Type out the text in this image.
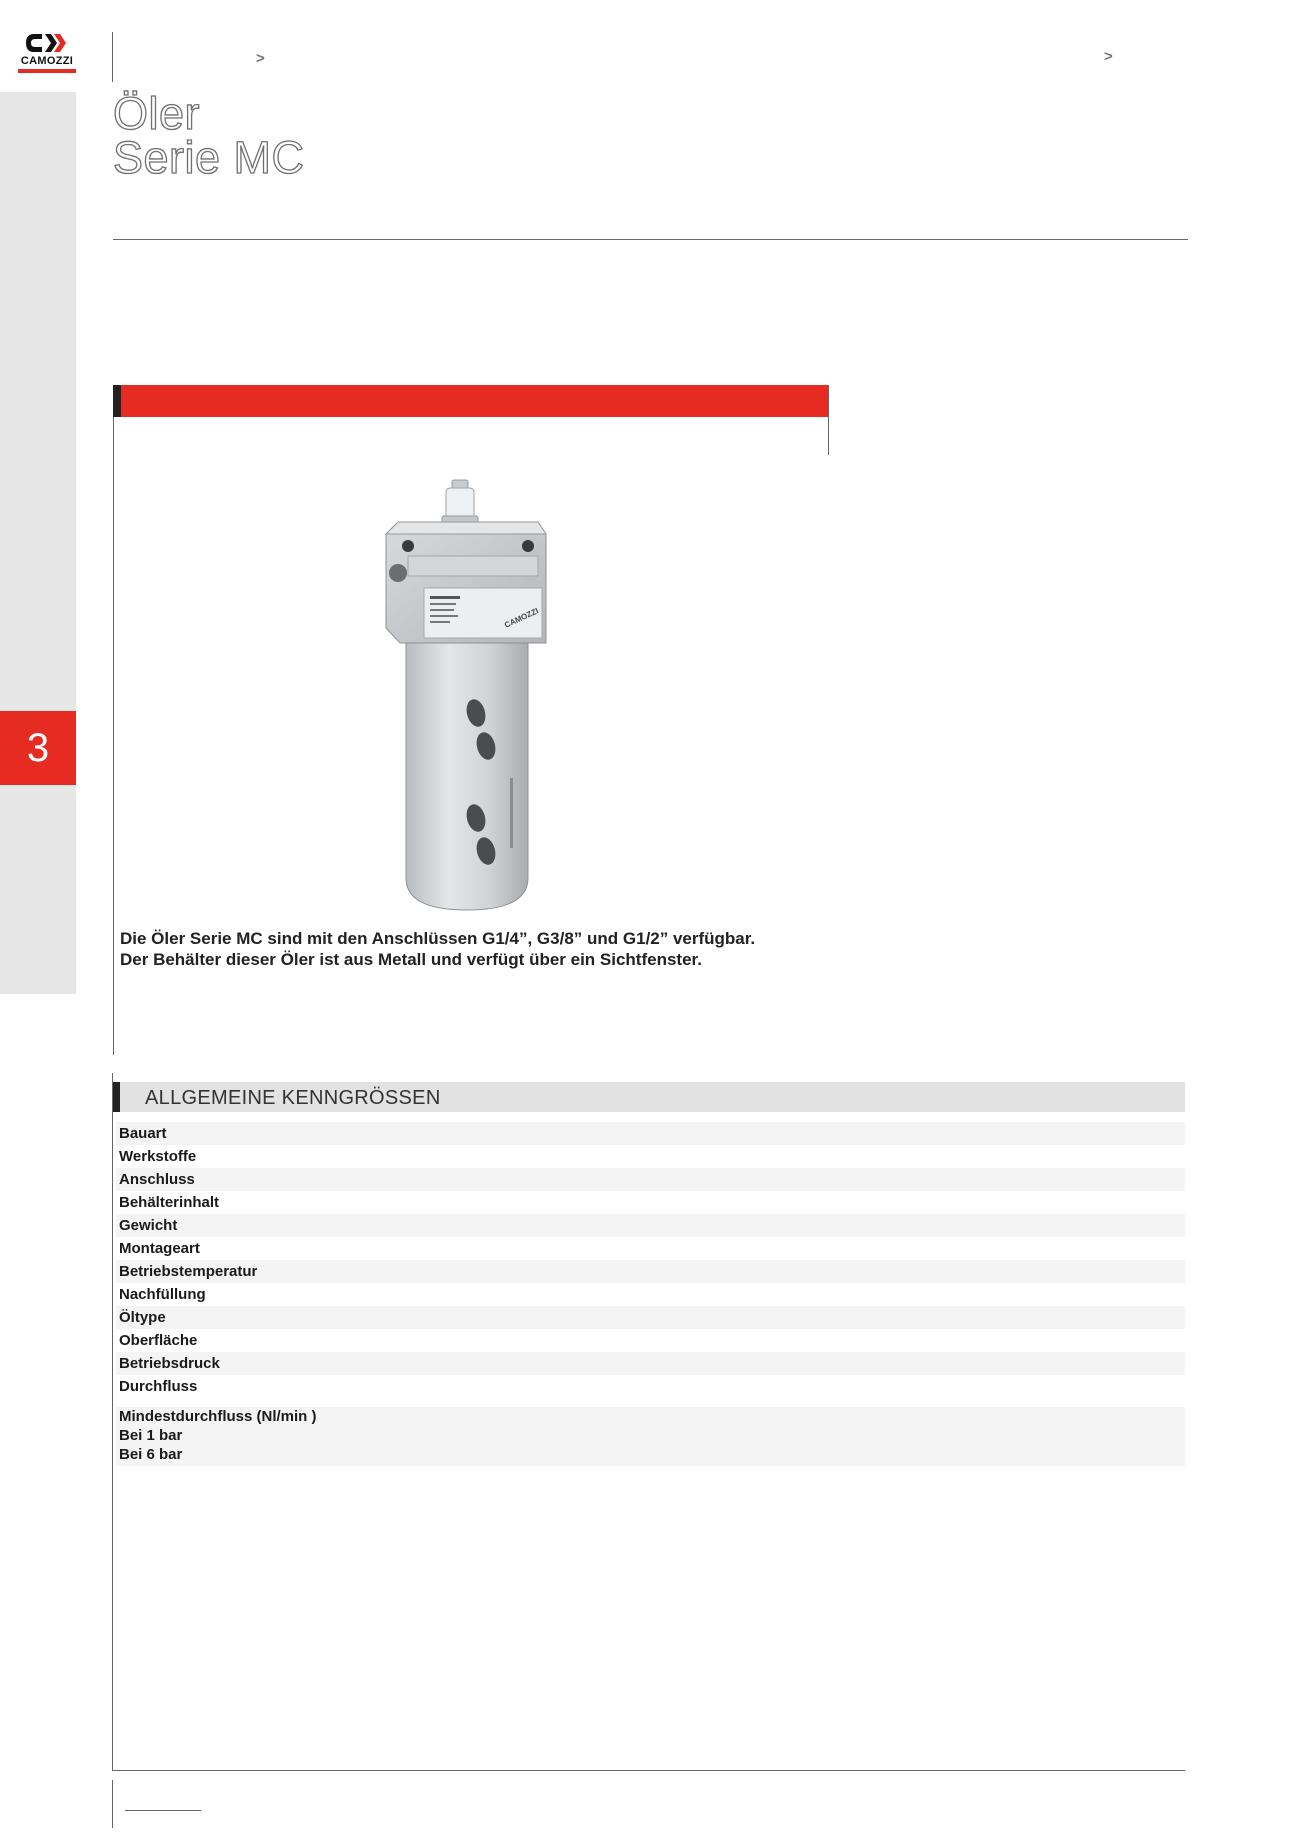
CAMOZZI
3
>	>
Öler
Serie MC
CAMOZZI
Die Öler Serie MC sind mit den Anschlüssen G1/4”, G3/8” und G1/2” verfügbar.
Der Behälter dieser Öler ist aus Metall und verfügt über ein Sichtfenster.
ALLGEMEINE KENNGRÖSSEN
Bauart
Werkstoffe
Anschluss
Behälterinhalt
Gewicht
Montageart
Betriebstemperatur
Nachfüllung
Öltype
Oberfläche
Betriebsdruck
Durchfluss
Mindestdurchfluss (Nl/min )
Bei 1 bar
Bei 6 bar
